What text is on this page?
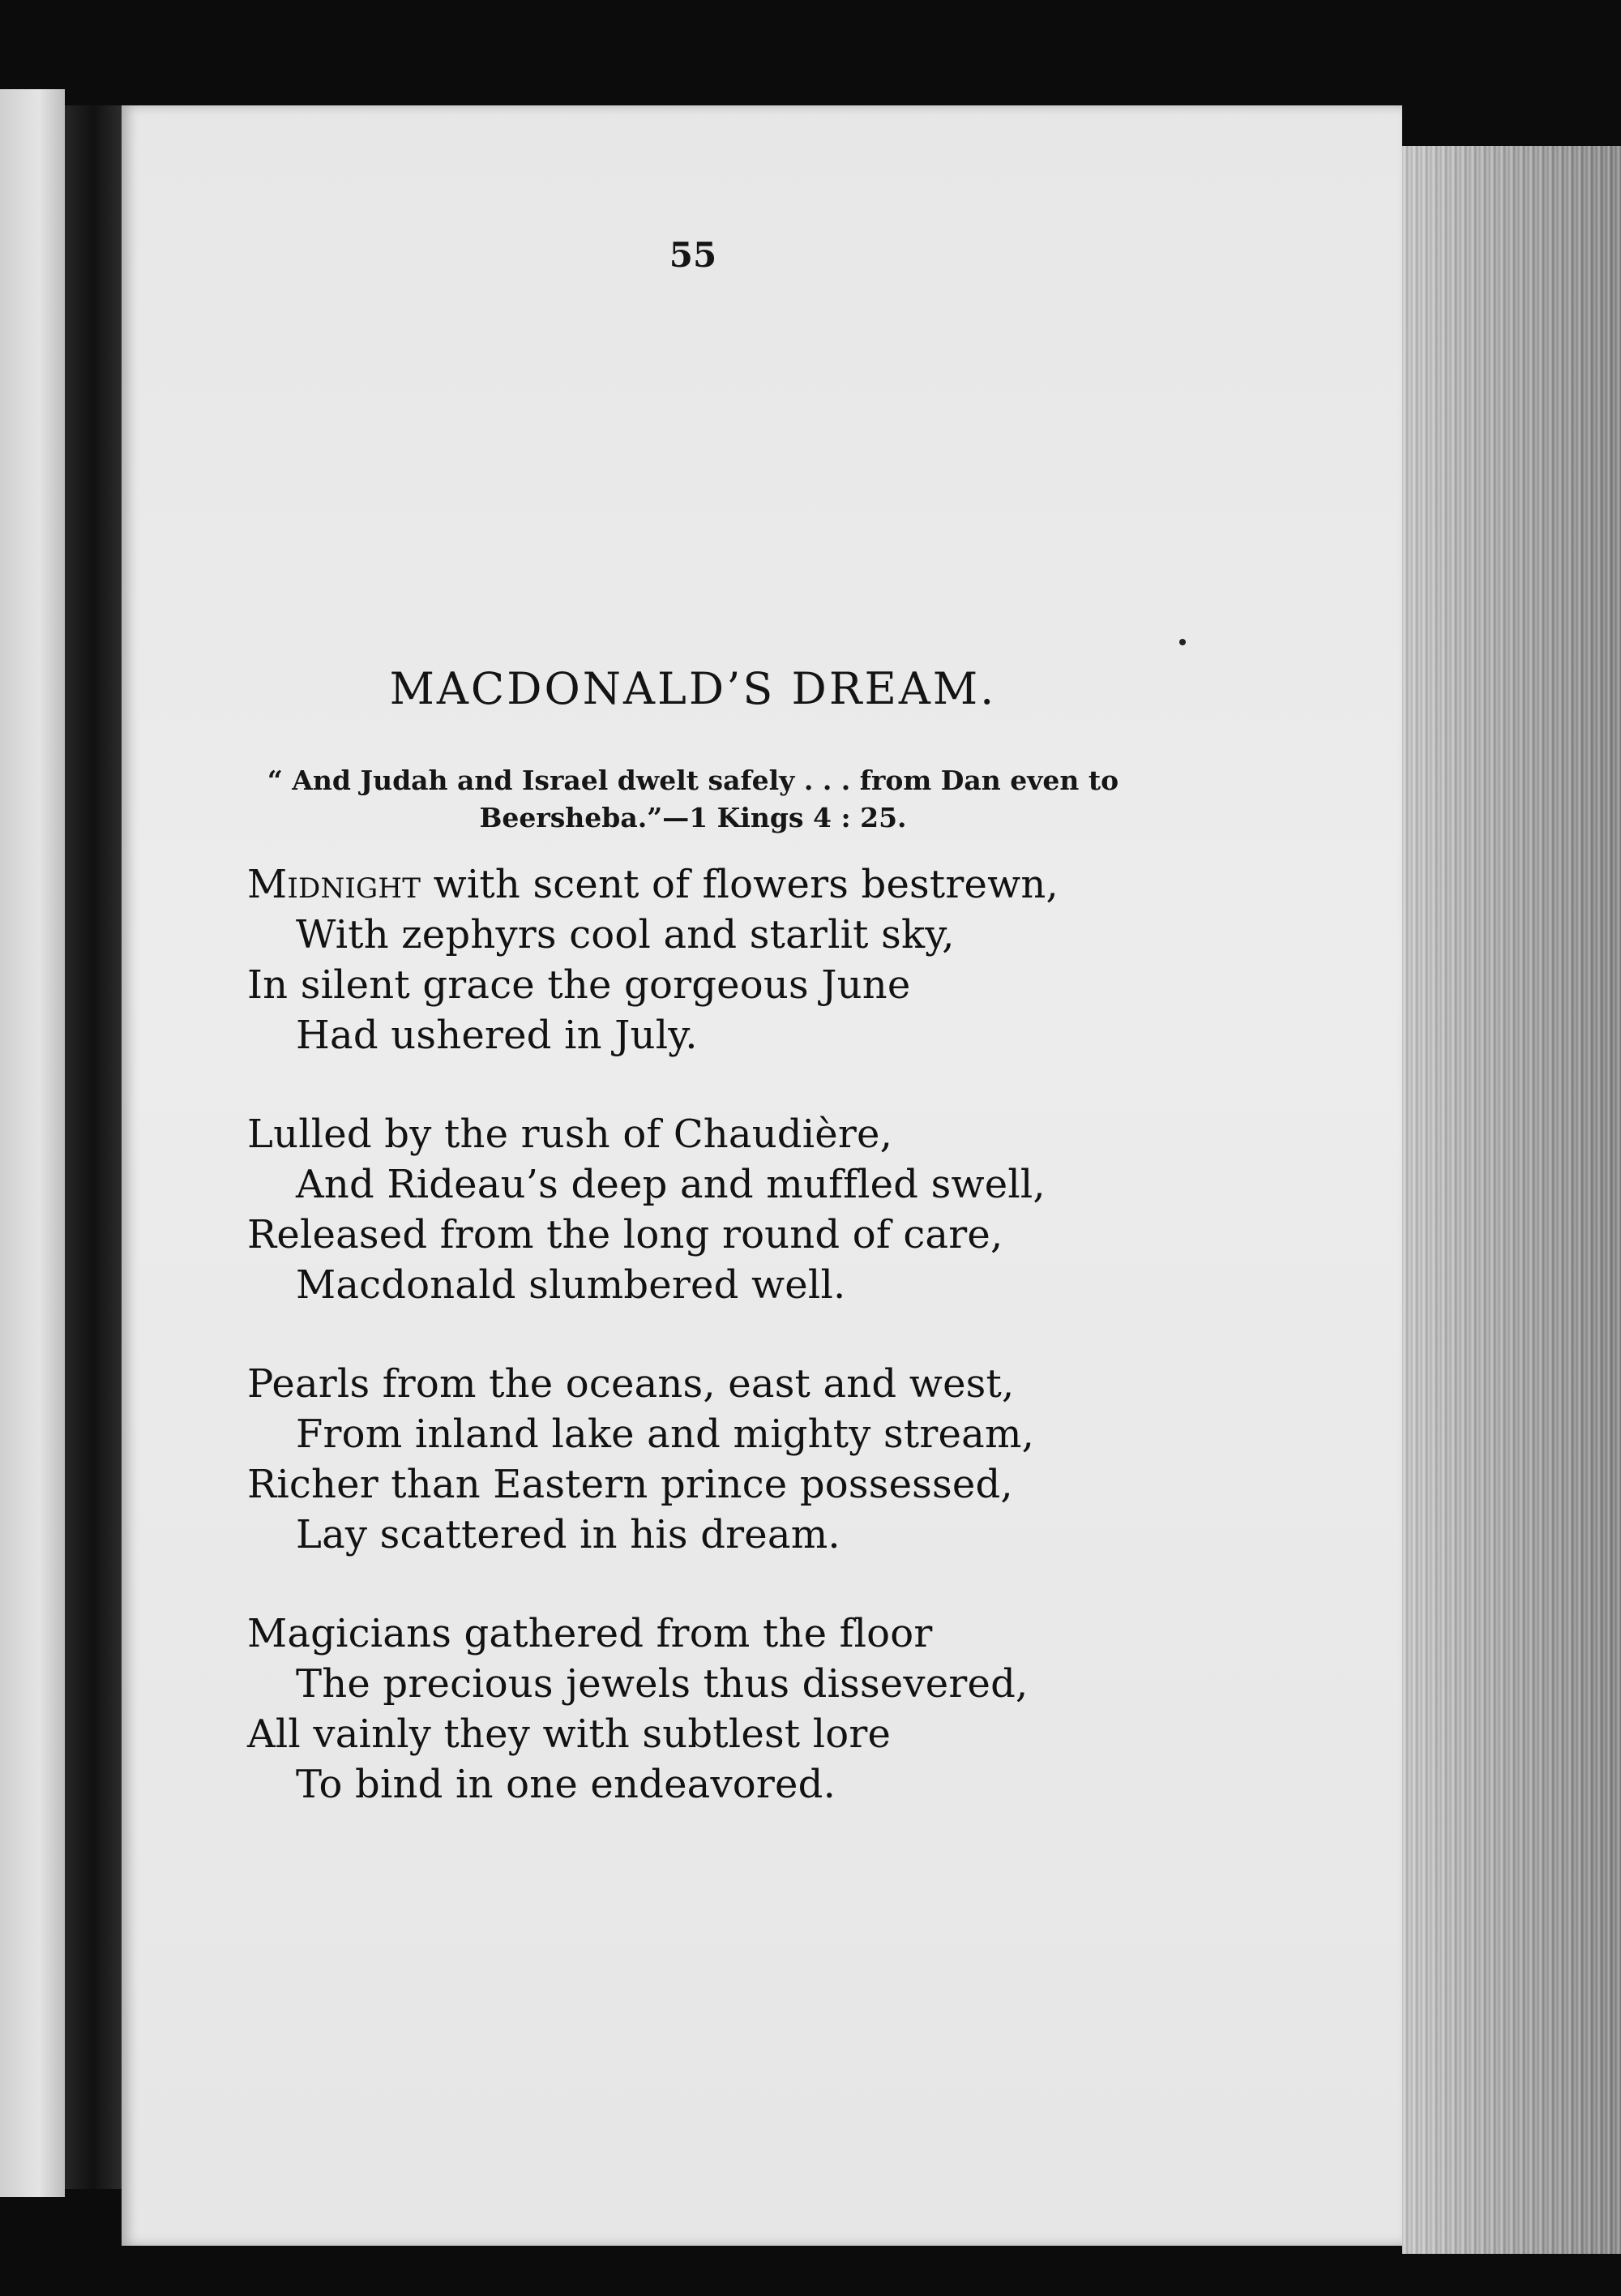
55
MACDONALD’S DREAM.
“ And Judah and Israel dwelt safely . . . from Dan even to
Beersheba.”—1 Kings 4 : 25.
Midnight with scent of flowers bestrewn,
With zephyrs cool and starlit sky,
In silent grace the gorgeous June
Had ushered in July.
Lulled by the rush of Chaudière,
And Rideau’s deep and muffled swell,
Released from the long round of care,
Macdonald slumbered well.
Pearls from the oceans, east and west,
From inland lake and mighty stream,
Richer than Eastern prince possessed,
Lay scattered in his dream.
Magicians gathered from the floor
The precious jewels thus dissevered,
All vainly they with subtlest lore
To bind in one endeavored.
